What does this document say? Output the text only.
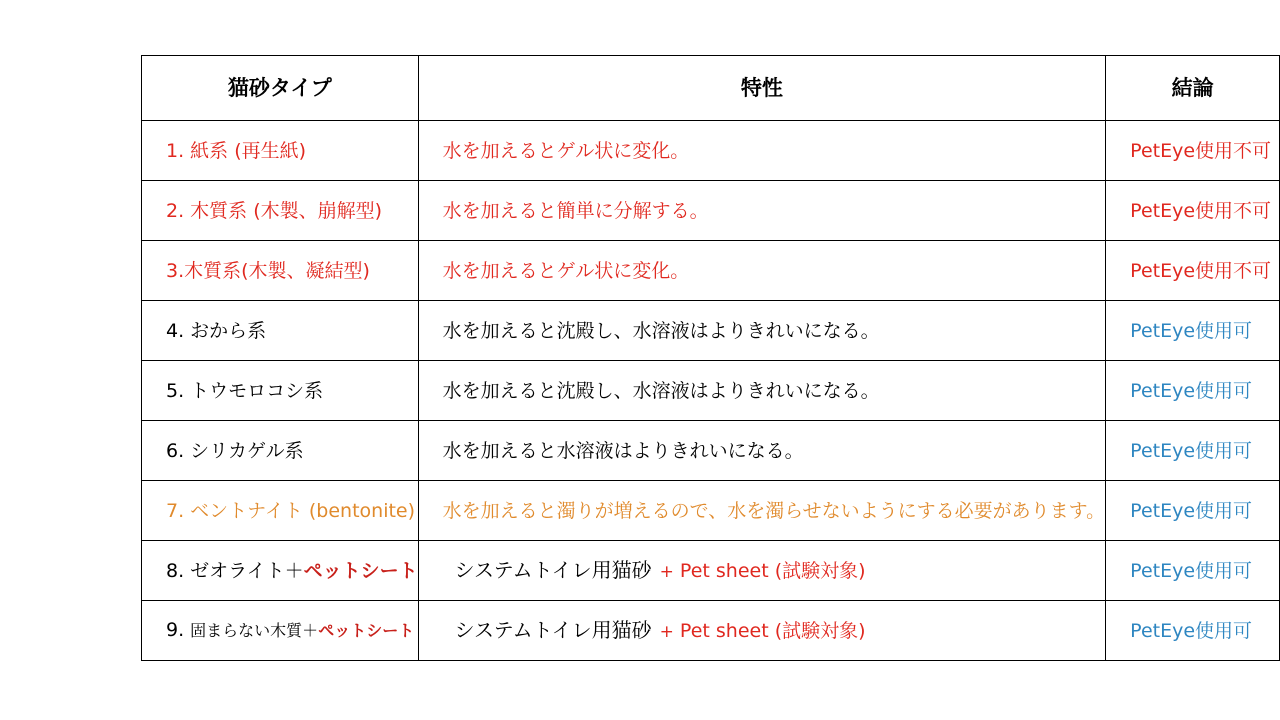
猫砂タイプ	特性	結論
1. 紙系 (再生紙)	水を加えるとゲル状に変化。	PetEye使用不可
2. 木質系 (木製、崩解型)	水を加えると簡単に分解する。	PetEye使用不可
3.木質系(木製、凝結型)	水を加えるとゲル状に変化。	PetEye使用不可
4. おから系	水を加えると沈殿し、水溶液はよりきれいになる。	PetEye使用可
5. トウモロコシ系	水を加えると沈殿し、水溶液はよりきれいになる。	PetEye使用可
6. シリカゲル系	水を加えると水溶液はよりきれいになる。	PetEye使用可
7. ベントナイト (bentonite)	水を加えると濁りが増えるので、水を濁らせないようにする必要があります。	PetEye使用可
8. ゼオライト＋ペットシート	システムトイレ用猫砂 + Pet sheet (試験対象)	PetEye使用可
9. 固まらない木質＋ペットシート	システムトイレ用猫砂 + Pet sheet (試験対象)	PetEye使用可
